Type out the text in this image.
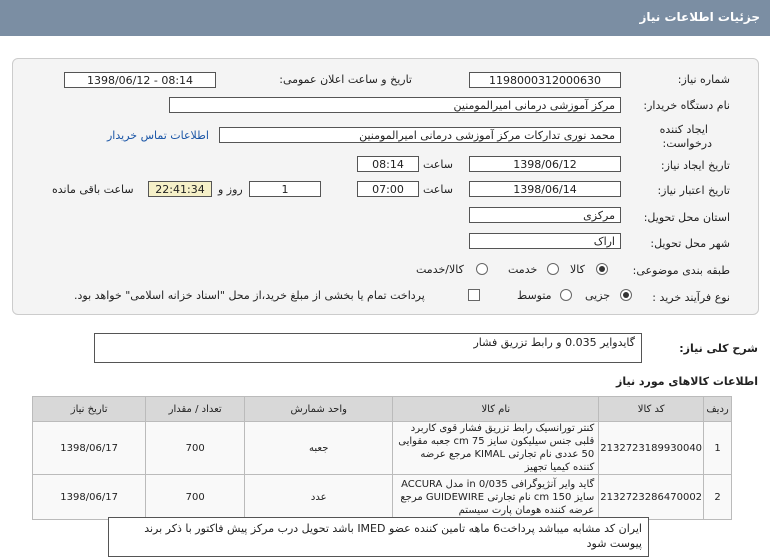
جزئیات اطلاعات نیاز
شماره نیاز:
1198000312000630
تاریخ و ساعت اعلان عمومی:
1398/06/12 - 08:14
نام دستگاه خریدار:
مرکز آموزشی درمانی امیرالمومنین
ایجاد کننده
درخواست:
محمد نوری تدارکات مرکز آموزشی درمانی امیرالمومنین
اطلاعات تماس خریدار
تاریخ ایجاد نیاز:
1398/06/12
ساعت
08:14
تاریخ اعتبار نیاز:
1398/06/14
ساعت
07:00
1
روز و
22:41:34
ساعت باقی مانده
استان محل تحویل:
مرکزی
شهر محل تحویل:
اراک
طبقه بندی موضوعی:
کالا
خدمت
کالا/خدمت
نوع فرآیند خرید :
جزیی
متوسط
پرداخت تمام یا بخشی از مبلغ خرید،از محل "اسناد خزانه اسلامی" خواهد بود.
شرح کلی نیاز:
گایدوایر 0.035 و رابط تزریق فشار
اطلاعات کالاهای مورد نیاز
ردیف	کد کالا	نام کالا	واحد شمارش	تعداد / مقدار	تاریخ نیاز
1	2132723189930040	کنتر تورانسیک رابط تزریق فشار قوی کاربرد قلبی جنس سیلیکون سایز cm 75 جعبه مقوایی 50 عددی نام تجارتی KIMAL مرجع عرضه کننده کیمیا تجهیز	جعبه	700	1398/06/17
2	2132723286470002	گاید وایر آنژیوگرافی in 0/035 مدل ACCURA سایز cm 150 نام تجارتی GUIDEWIRE مرجع عرضه کننده هومان پارت سیستم	عدد	700	1398/06/17
ایران کد مشابه میباشد پرداخت6 ماهه تامین کننده عضو IMED باشد تحویل درب مرکز پیش فاکتور با ذکر برند پیوست شود
